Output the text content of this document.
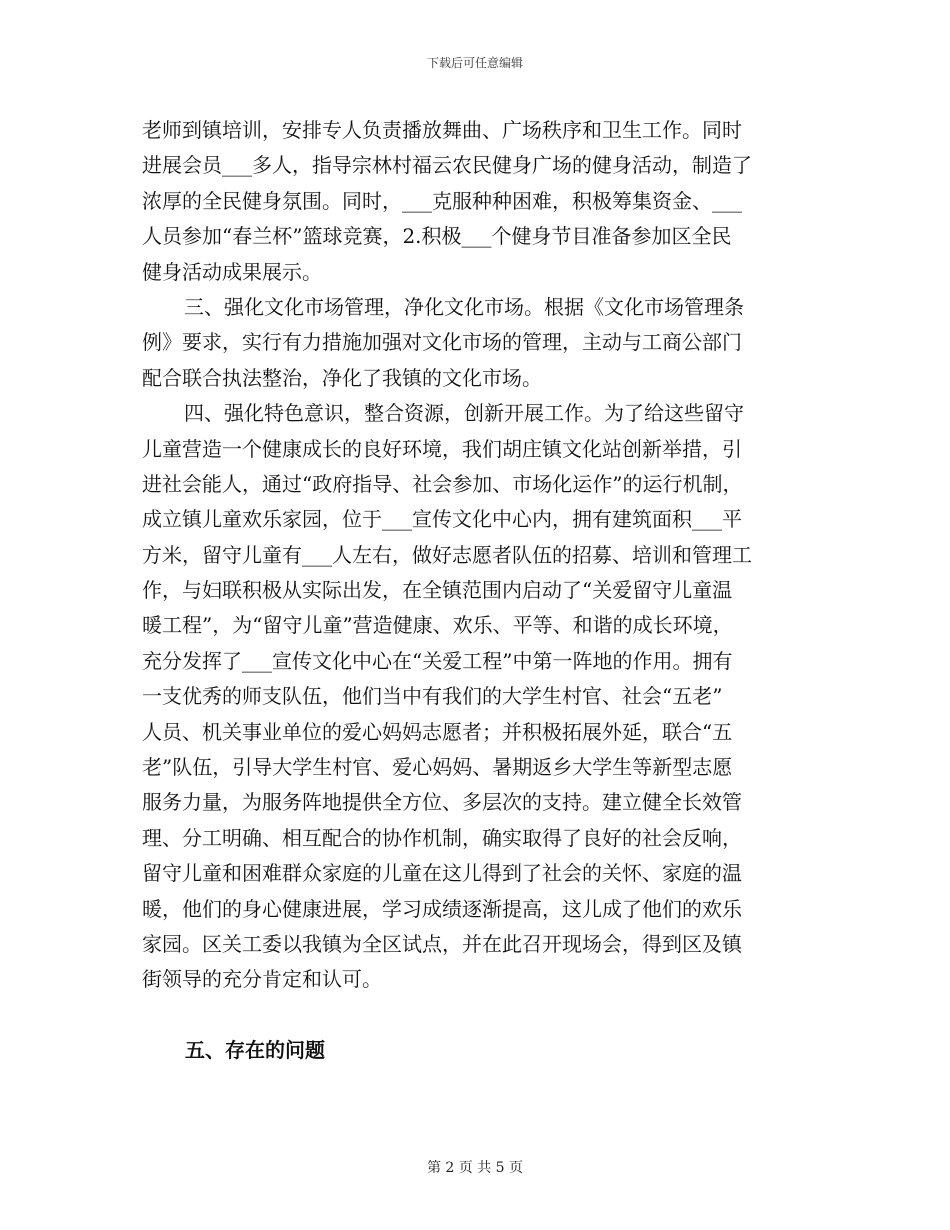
下载后可任意编辑
老师到镇培训，安排专人负责播放舞曲、广场秩序和卫生工作。同时
进展会员___多人，指导宗林村福云农民健身广场的健身活动，制造了
浓厚的全民健身氛围。同时，___克服种种困难，积极筹集资金、___
人员参加“春兰杯”篮球竞赛，2.积极___个健身节目准备参加区全民
健身活动成果展示。
三、强化文化市场管理，净化文化市场。根据《文化市场管理条
例》要求，实行有力措施加强对文化市场的管理，主动与工商公部门
配合联合执法整治，净化了我镇的文化市场。
四、强化特色意识，整合资源，创新开展工作。为了给这些留守
儿童营造一个健康成长的良好环境，我们胡庄镇文化站创新举措，引
进社会能人，通过“政府指导、社会参加、市场化运作”的运行机制，
成立镇儿童欢乐家园，位于___宣传文化中心内，拥有建筑面积___平
方米，留守儿童有___人左右，做好志愿者队伍的招募、培训和管理工
作，与妇联积极从实际出发，在全镇范围内启动了“关爱留守儿童温
暖工程”，为“留守儿童”营造健康、欢乐、平等、和谐的成长环境，
充分发挥了___宣传文化中心在“关爱工程”中第一阵地的作用。拥有
一支优秀的师支队伍，他们当中有我们的大学生村官、社会“五老”
人员、机关事业单位的爱心妈妈志愿者；并积极拓展外延，联合“五
老”队伍，引导大学生村官、爱心妈妈、暑期返乡大学生等新型志愿
服务力量，为服务阵地提供全方位、多层次的支持。建立健全长效管
理、分工明确、相互配合的协作机制，确实取得了良好的社会反响，
留守儿童和困难群众家庭的儿童在这儿得到了社会的关怀、家庭的温
暖，他们的身心健康进展，学习成绩逐渐提高，这儿成了他们的欢乐
家园。区关工委以我镇为全区试点，并在此召开现场会，得到区及镇
街领导的充分肯定和认可。
五、存在的问题
第 2 页 共 5 页
